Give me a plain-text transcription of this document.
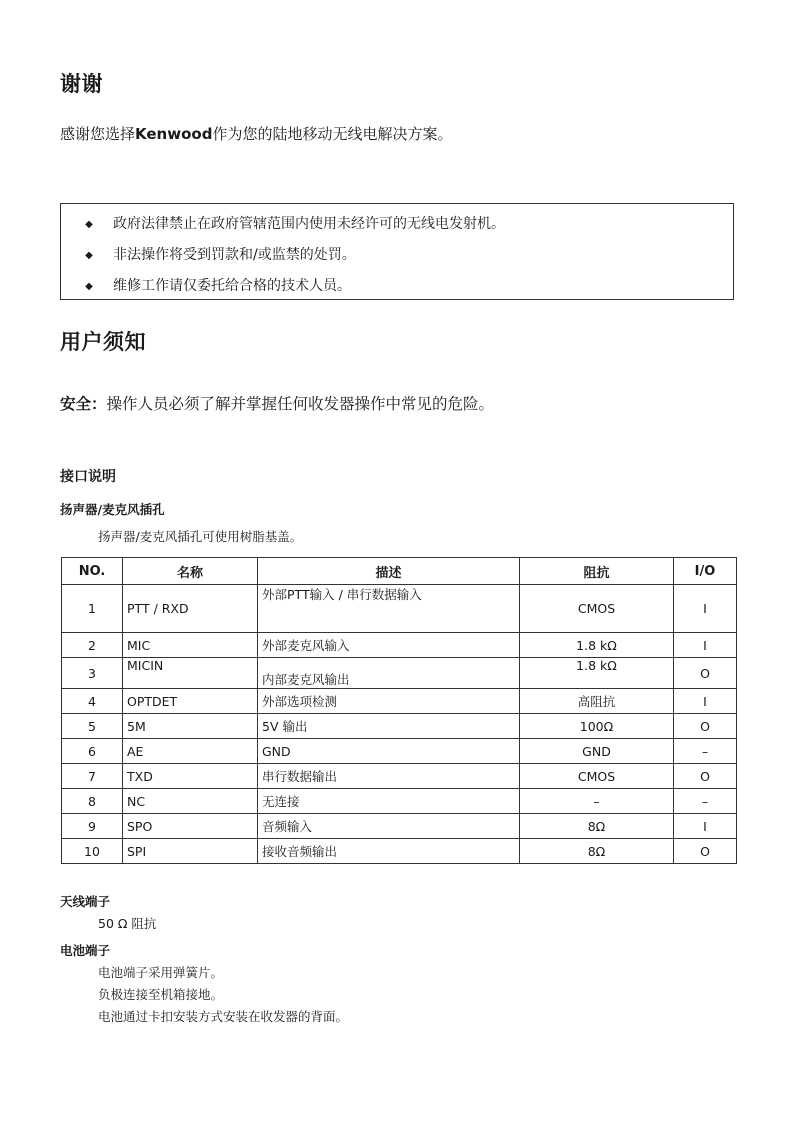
谢谢
感谢您选择Kenwood作为您的陆地移动无线电解决方案。
◆ 政府法律禁止在政府管辖范围内使用未经许可的无线电发射机。
◆ 非法操作将受到罚款和/或监禁的处罚。
◆ 维修工作请仅委托给合格的技术人员。
用户须知
安全：操作人员必须了解并掌握任何收发器操作中常见的危险。
接口说明
扬声器/麦克风插孔
扬声器/麦克风插孔可使用树脂基盖。
NO.	名称	描述	阻抗	I/O
1	PTT / RXD	外部PTT输入 / 串行数据输入	CMOS	I
2	MIC	外部麦克风输入	1.8 kΩ	I
3	MICIN	内部麦克风输出	1.8 kΩ	O
4	OPTDET	外部选项检测	高阻抗	I
5	5M	5V 输出	100Ω	O
6	AE	GND	GND	–
7	TXD	串行数据输出	CMOS	O
8	NC	无连接	–	–
9	SPO	音频输入	8Ω	I
10	SPI	接收音频输出	8Ω	O
天线端子
50 Ω 阻抗
电池端子
电池端子采用弹簧片。
负极连接至机箱接地。
电池通过卡扣安装方式安装在收发器的背面。
